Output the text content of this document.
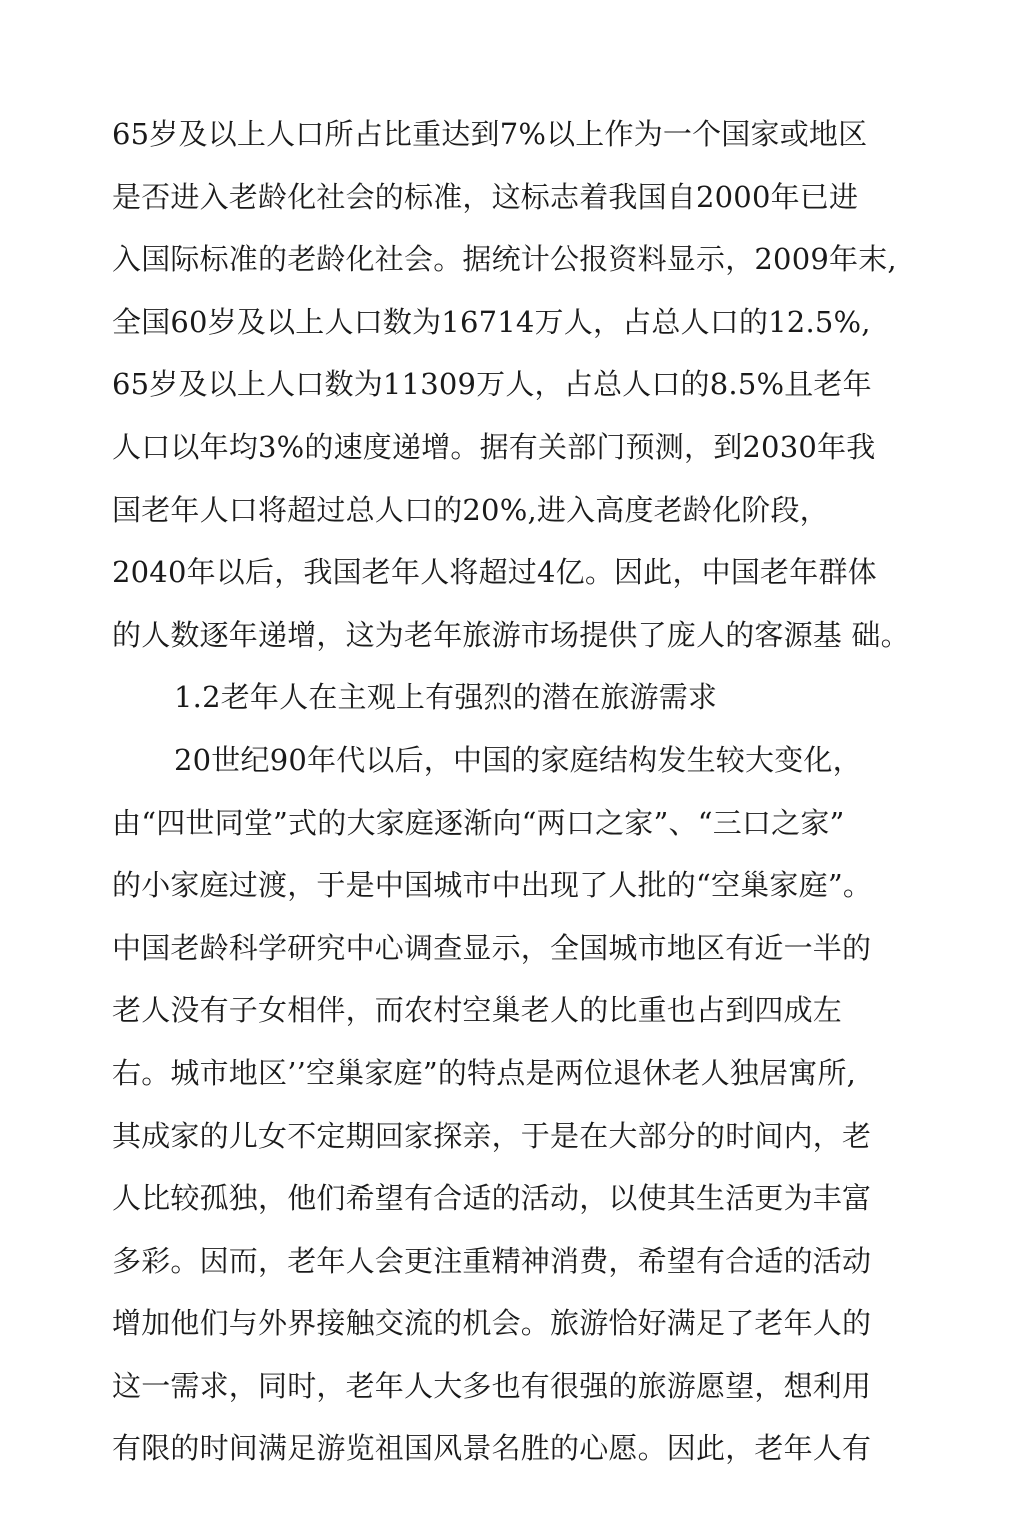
65岁及以上人口所占比重达到7%以上作为一个国家或地区
是否进入老龄化社会的标准，这标志着我国自2000年已进
入国际标准的老龄化社会。据统计公报资料显示，2009年末,
全国60岁及以上人口数为16714万人，占总人口的12.5%,
65岁及以上人口数为11309万人，占总人口的8.5%且老年
人口以年均3%的速度递增。据有关部门预测，到2030年我
国老年人口将超过总人口的20%,进入高度老龄化阶段，
2040年以后，我国老年人将超过4亿。因此，中国老年群体
的人数逐年递增，这为老年旅游市场提供了庞人的客源基 础。
1.2老年人在主观上有强烈的潜在旅游需求
20世纪90年代以后，中国的家庭结构发生较大变化，
由“四世同堂”式的大家庭逐渐向“两口之家”、“三口之家”
的小家庭过渡，于是中国城市中出现了人批的“空巢家庭”。
中国老龄科学研究中心调查显示，全国城市地区有近一半的
老人没有子女相伴，而农村空巢老人的比重也占到四成左
右。城市地区’’空巢家庭”的特点是两位退休老人独居寓所,
其成家的儿女不定期回家探亲，于是在大部分的时间内，老
人比较孤独，他们希望有合适的活动，以使其生活更为丰富
多彩。因而，老年人会更注重精神消费，希望有合适的活动
增加他们与外界接触交流的机会。旅游恰好满足了老年人的
这一需求，同时，老年人大多也有很强的旅游愿望，想利用
有限的时间满足游览祖国风景名胜的心愿。因此，老年人有
